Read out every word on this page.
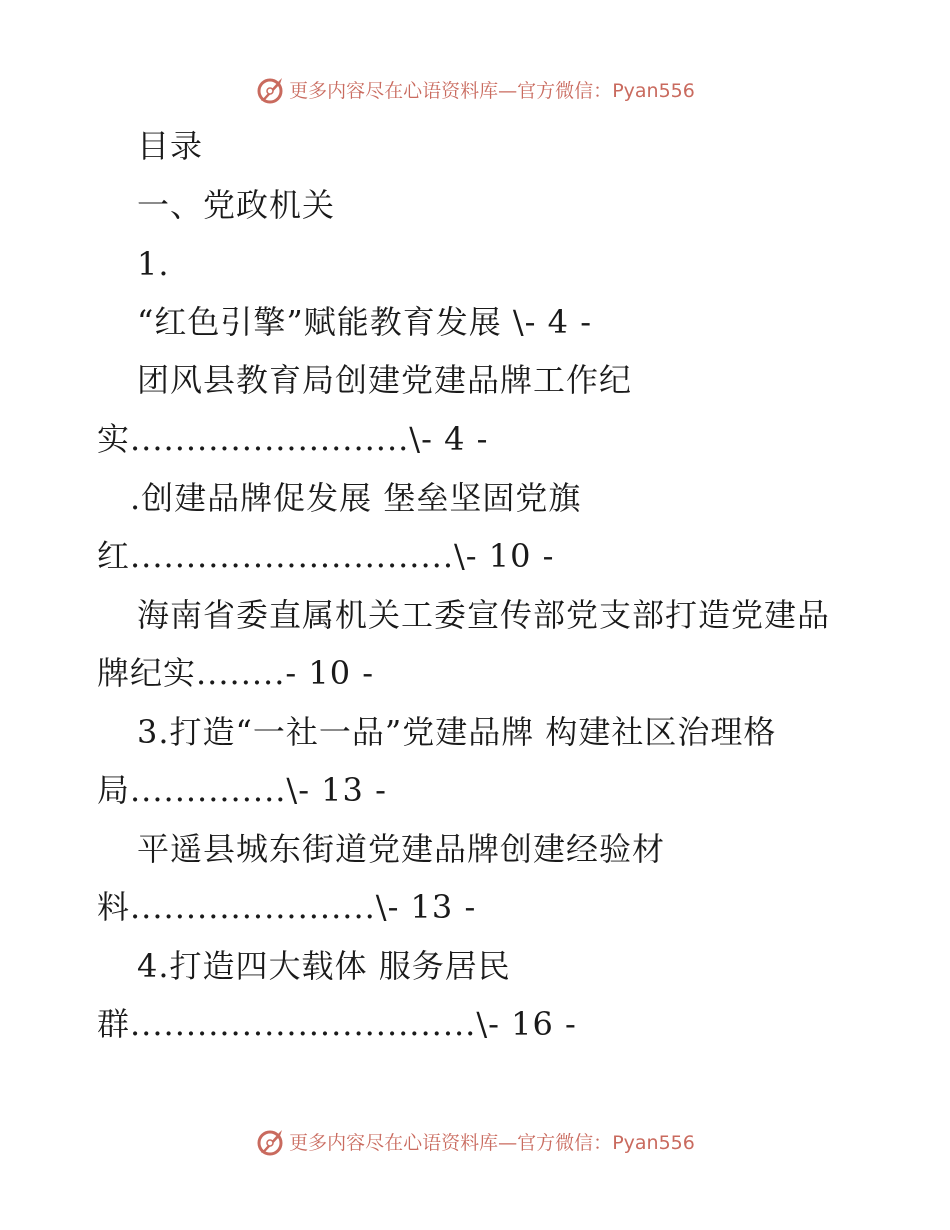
更多内容尽在心语资料库—官方微信：Pyan556
目录
一、党政机关
1.
“红色引擎”赋能教育发展 \- 4 -
团风县教育局创建党建品牌工作纪
实.........................\- 4 -
.创建品牌促发展 堡垒坚固党旗
红.............................\- 10 -
海南省委直属机关工委宣传部党支部打造党建品
牌纪实........- 10 -
3.打造“一社一品”党建品牌 构建社区治理格
局..............\- 13 -
平遥县城东街道党建品牌创建经验材
料......................\- 13 -
4.打造四大载体 服务居民
群...............................\- 16 -
更多内容尽在心语资料库—官方微信：Pyan556
